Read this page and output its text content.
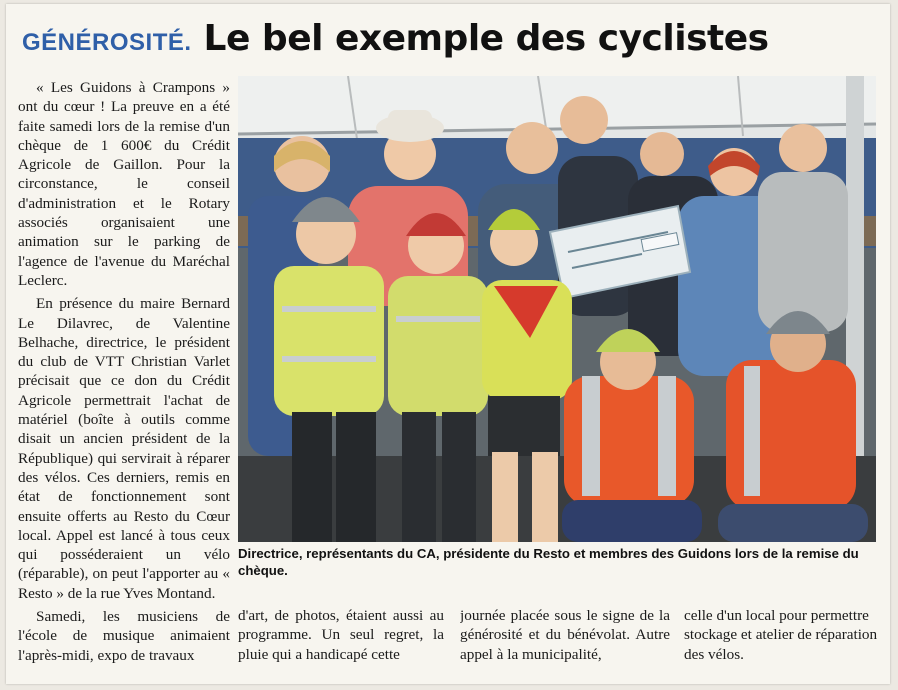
GÉNÉROSITÉ. Le bel exemple des cyclistes

« Les Guidons à Crampons » ont du cœur ! La preuve en a été faite samedi lors de la remise d'un chèque de 1 600€ du Crédit Agricole de Gaillon. Pour la circonstance, le conseil d'administration et le Rotary associés organisaient une animation sur le parking de l'agence de l'avenue du Maréchal Leclerc.

En présence du maire Bernard Le Dilavrec, de Valentine Belhache, directrice, le président du club de VTT Christian Varlet précisait que ce don du Crédit Agricole permettrait l'achat de matériel (boîte à outils comme disait un ancien président de la République) qui servirait à réparer des vélos. Ces derniers, remis en état de fonctionnement sont ensuite offerts au Resto du Cœur local. Appel est lancé à tous ceux qui posséderaient un vélo (réparable), on peut l'apporter au « Resto » de la rue Yves Montand.

Samedi, les musiciens de l'école de musique animaient l'après-midi, expo de travaux

Directrice, représentants du CA, présidente du Resto et membres des Guidons lors de la remise du chèque.

d'art, de photos, étaient aussi au programme. Un seul regret, la pluie qui a handicapé cette

journée placée sous le signe de la générosité et du bénévolat. Autre appel à la municipalité,

celle d'un local pour permettre stockage et atelier de réparation des vélos.
